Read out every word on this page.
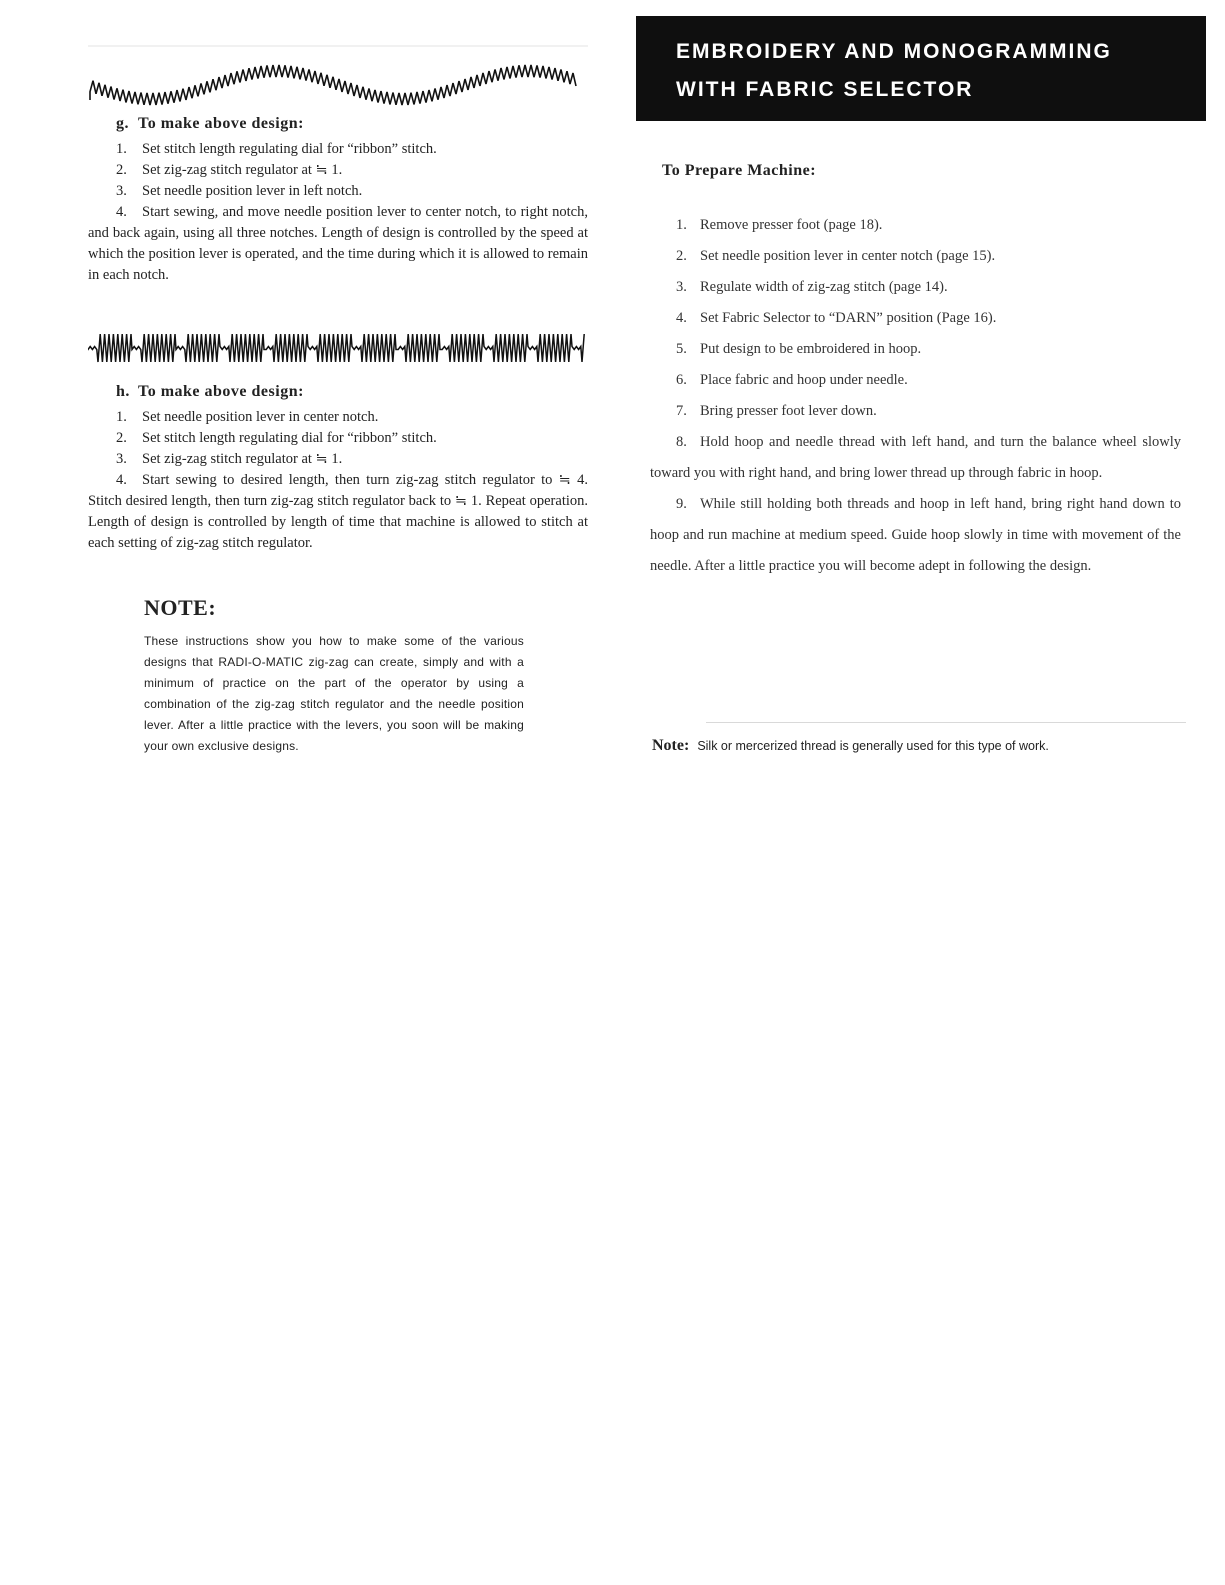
g. To make above design:

1. Set stitch length regulating dial for “ribbon” stitch.
2. Set zig-zag stitch regulator at ≒ 1.
3. Set needle position lever in left notch.
4. Start sewing, and move needle position lever to center notch, to right notch, and back again, using all three notches. Length of design is controlled by the speed at which the position lever is operated, and the time during which it is allowed to remain in each notch.

h. To make above design:

1. Set needle position lever in center notch.
2. Set stitch length regulating dial for “ribbon” stitch.
3. Set zig-zag stitch regulator at ≒ 1.
4. Start sewing to desired length, then turn zig-zag stitch regulator to ≒ 4. Stitch desired length, then turn zig-zag stitch regulator back to ≒ 1. Repeat operation. Length of design is controlled by length of time that machine is allowed to stitch at each setting of zig-zag stitch regulator.

NOTE:

These instructions show you how to make some of the various designs that RADI-O-MATIC zig-zag can create, simply and with a minimum of practice on the part of the operator by using a combination of the zig-zag stitch regulator and the needle position lever. After a little practice with the levers, you soon will be making your own exclusive designs.

EMBROIDERY AND MONOGRAMMING
WITH FABRIC SELECTOR

To Prepare Machine:

1. Remove presser foot (page 18).
2. Set needle position lever in center notch (page 15).
3. Regulate width of zig-zag stitch (page 14).
4. Set Fabric Selector to “DARN” position (Page 16).
5. Put design to be embroidered in hoop.
6. Place fabric and hoop under needle.
7. Bring presser foot lever down.
8. Hold hoop and needle thread with left hand, and turn the balance wheel slowly toward you with right hand, and bring lower thread up through fabric in hoop.
9. While still holding both threads and hoop in left hand, bring right hand down to hoop and run machine at medium speed. Guide hoop slowly in time with movement of the needle. After a little practice you will become adept in following the design.
Note: Silk or mercerized thread is generally used for this type of work.
